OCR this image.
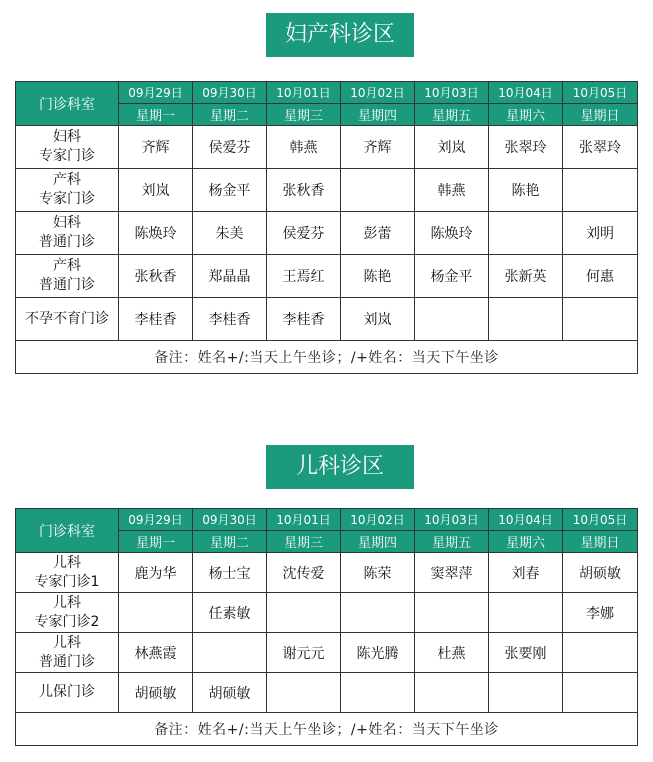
妇产科诊区
门诊科室	09月29日	09月30日	10月01日	10月02日	10月03日	10月04日	10月05日
	星期一	星期二	星期三	星期四	星期五	星期六	星期日
妇科
专家门诊	齐辉	侯爱芬	韩燕	齐辉	刘岚	张翠玲	张翠玲
产科
专家门诊	刘岚	杨金平	张秋香		韩燕	陈艳	
妇科
普通门诊	陈焕玲	朱美	侯爱芬	彭蕾	陈焕玲		刘明
产科
普通门诊	张秋香	郑晶晶	王焉红	陈艳	杨金平	张新英	何惠
不孕不育门诊	李桂香	李桂香	李桂香	刘岚			
备注：姓名+/:当天上午坐诊；/+姓名：当天下午坐诊							
儿科诊区
门诊科室	09月29日	09月30日	10月01日	10月02日	10月03日	10月04日	10月05日
	星期一	星期二	星期三	星期四	星期五	星期六	星期日
儿科
专家门诊1	鹿为华	杨士宝	沈传爱	陈荣	窦翠萍	刘春	胡硕敏
儿科
专家门诊2		任素敏					李娜
儿科
普通门诊	林燕霞		谢元元	陈光腾	杜燕	张要刚	
儿保门诊	胡硕敏	胡硕敏					
备注：姓名+/:当天上午坐诊；/+姓名：当天下午坐诊							
